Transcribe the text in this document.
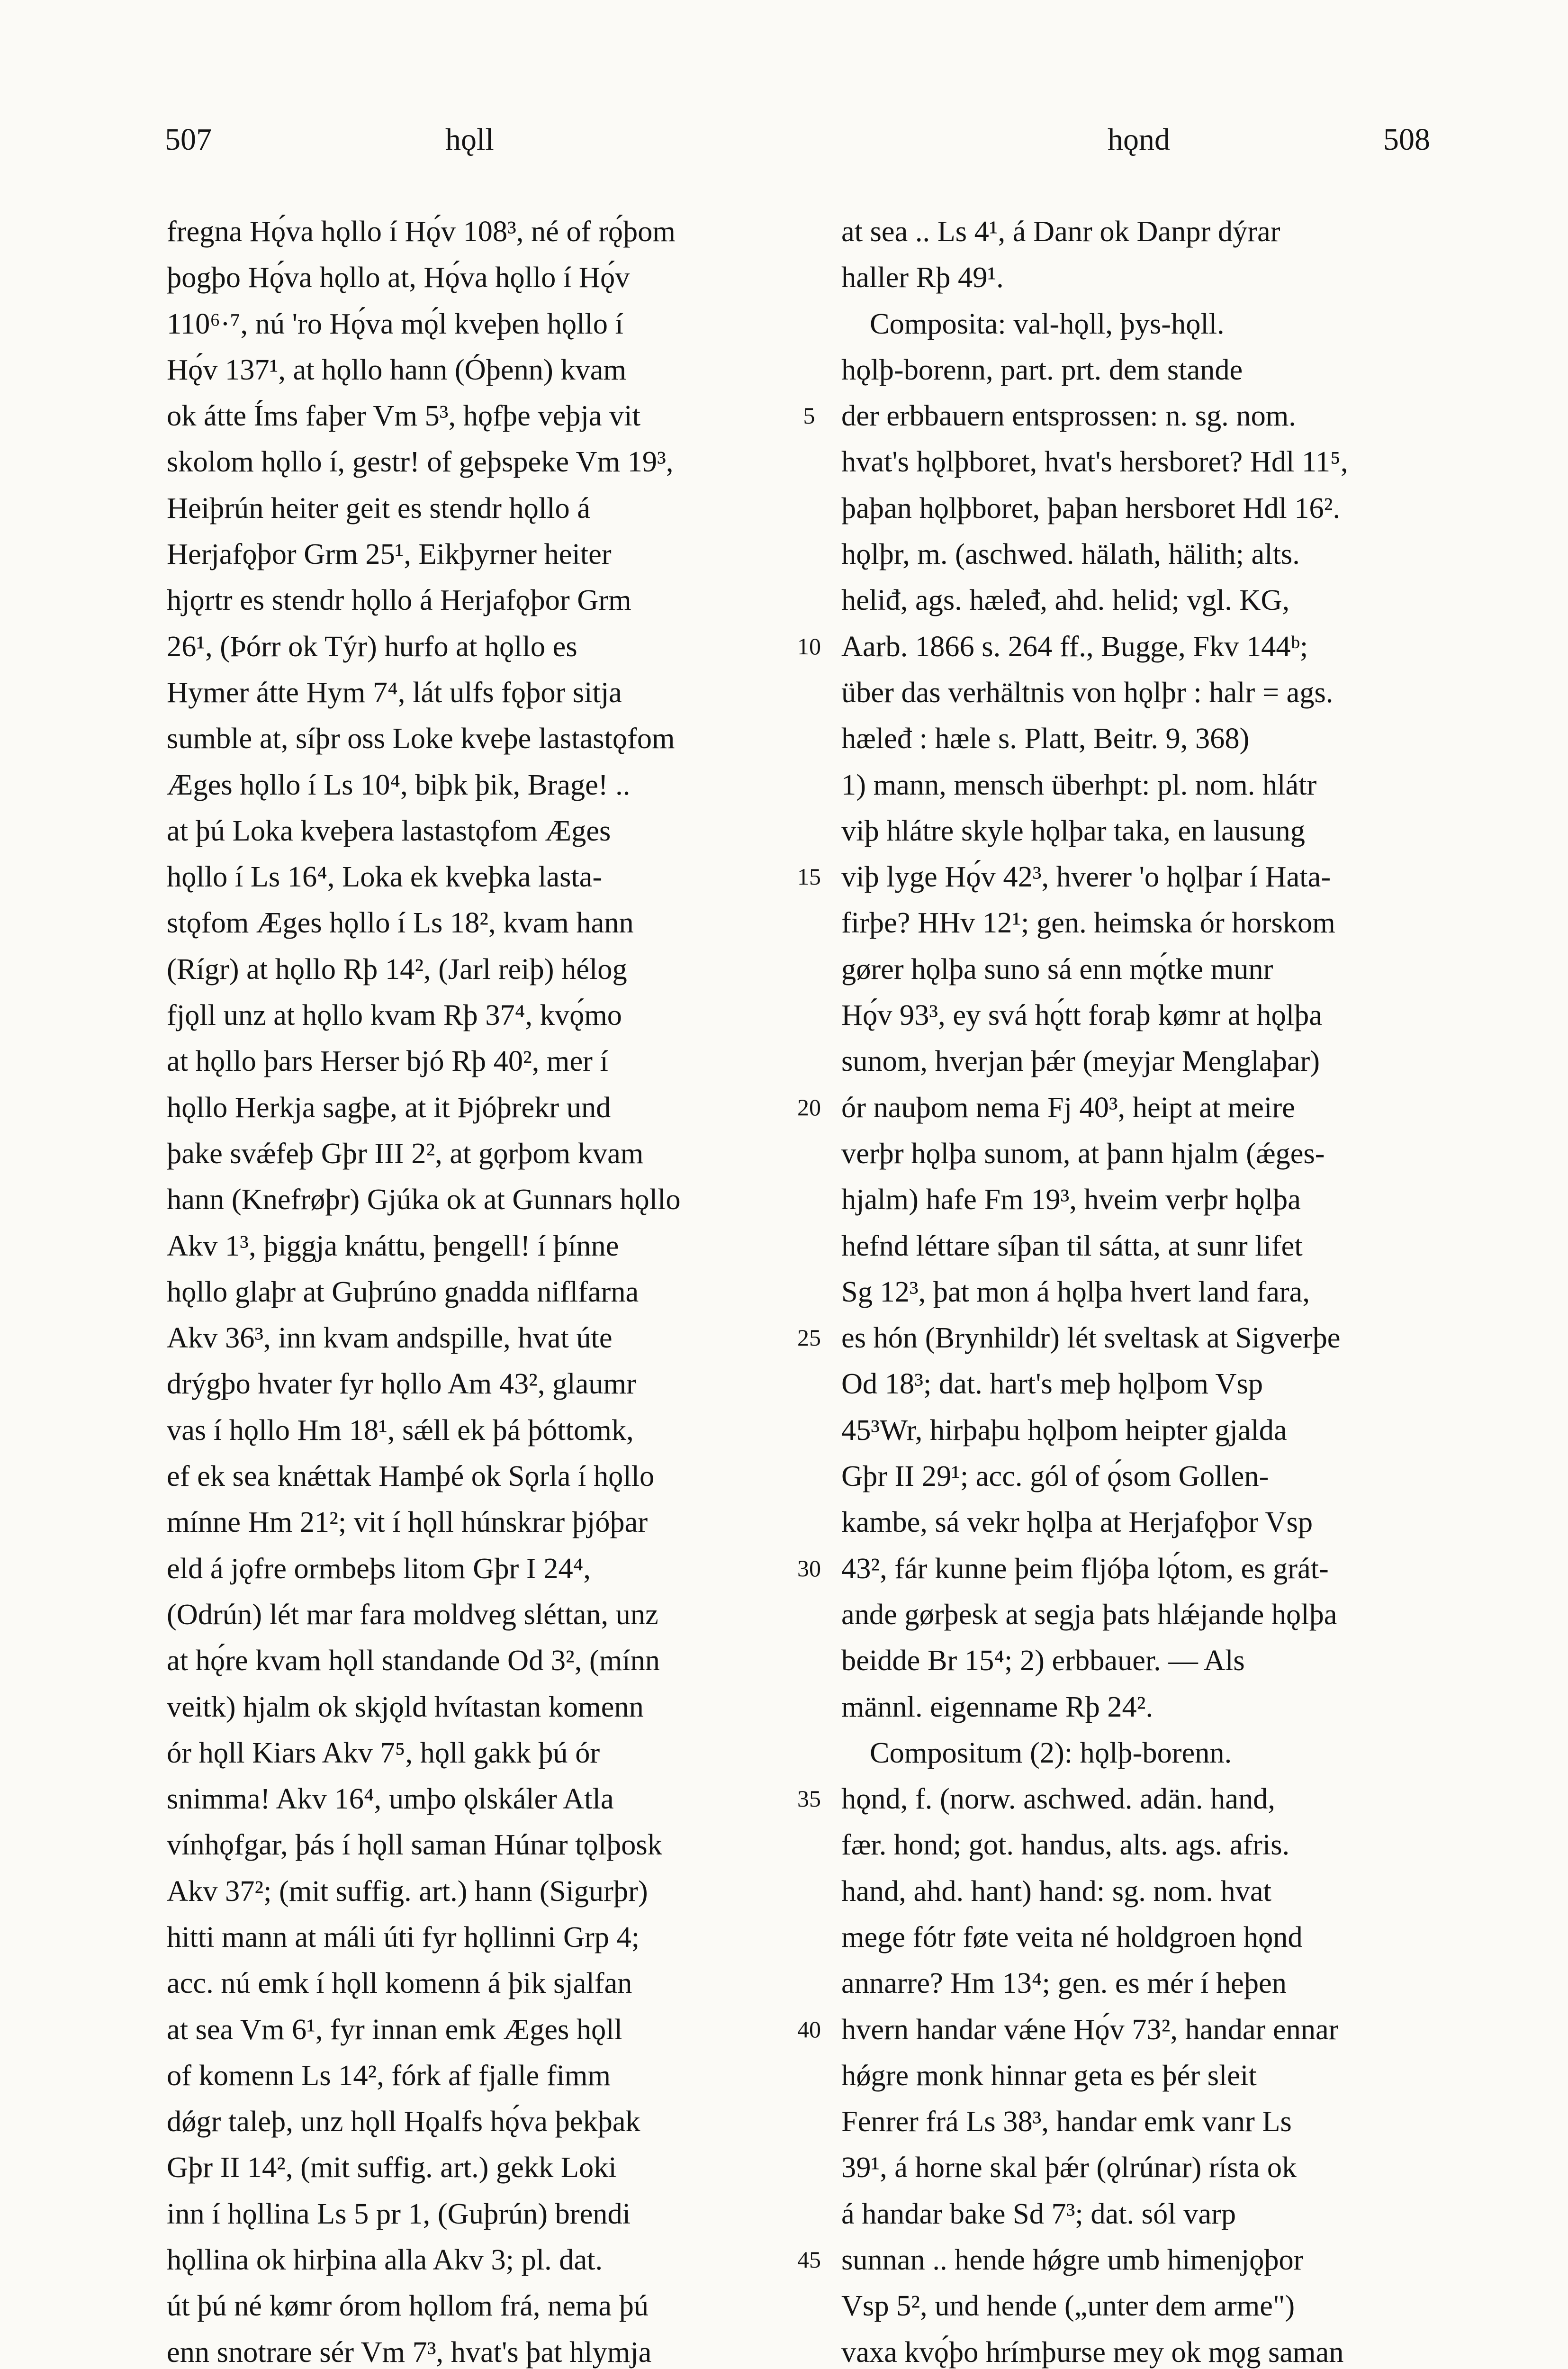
507	hǫll	hǫnd	508
fregna Hǫ́va hǫllo í Hǫ́v 108³, né of rǫ́þom
þogþo Hǫ́va hǫllo at, Hǫ́va hǫllo í Hǫ́v
110⁶·⁷, nú 'ro Hǫ́va mǫ́l kveþen hǫllo í
Hǫ́v 137¹, at hǫllo hann (Óþenn) kvam
ok átte Íms faþer Vm 5³, hǫfþe veþja vit
skolom hǫllo í, gestr! of geþspeke Vm 19³,
Heiþrún heiter geit es stendr hǫllo á
Herjafǫþor Grm 25¹, Eikþyrner heiter
hjǫrtr es stendr hǫllo á Herjafǫþor Grm
26¹, (Þórr ok Týr) hurfo at hǫllo es
Hymer átte Hym 7⁴, lát ulfs fǫþor sitja
sumble at, síþr oss Loke kveþe lastastǫfom
Æges hǫllo í Ls 10⁴, biþk þik, Brage! ..
at þú Loka kveþera lastastǫfom Æges
hǫllo í Ls 16⁴, Loka ek kveþka lasta-
stǫfom Æges hǫllo í Ls 18², kvam hann
(Rígr) at hǫllo Rþ 14², (Jarl reiþ) hélog
fjǫll unz at hǫllo kvam Rþ 37⁴, kvǫ́mo
at hǫllo þars Herser bjó Rþ 40², mer í
hǫllo Herkja sagþe, at it Þjóþrekr und
þake svǽfeþ Gþr III 2², at gǫrþom kvam
hann (Knefrøþr) Gjúka ok at Gunnars hǫllo
Akv 1³, þiggja knáttu, þengell! í þínne
hǫllo glaþr at Guþrúno gnadda niflfarna
Akv 36³, inn kvam andspille, hvat úte
drýgþo hvater fyr hǫllo Am 43², glaumr
vas í hǫllo Hm 18¹, sǽll ek þá þóttomk,
ef ek sea knǽttak Hamþé ok Sǫrla í hǫllo
mínne Hm 21²; vit í hǫll húnskrar þjóþar
eld á jǫfre ormbeþs litom Gþr I 24⁴,
(Odrún) lét mar fara moldveg sléttan, unz
at hǫ́re kvam hǫll standande Od 3², (mínn
veitk) hjalm ok skjǫld hvítastan komenn
ór hǫll Kiars Akv 7⁵, hǫll gakk þú ór
snimma! Akv 16⁴, umþo ǫlskáler Atla
vínhǫfgar, þás í hǫll saman Húnar tǫlþosk
Akv 37²; (mit suffig. art.) hann (Sigurþr)
hitti mann at máli úti fyr hǫllinni Grp 4;
acc. nú emk í hǫll komenn á þik sjalfan
at sea Vm 6¹, fyr innan emk Æges hǫll
of komenn Ls 14², fórk af fjalle fimm
dǿgr taleþ, unz hǫll Hǫalfs hǫ́va þekþak
Gþr II 14², (mit suffig. art.) gekk Loki
inn í hǫllina Ls 5 pr 1, (Guþrún) brendi
hǫllina ok hirþina alla Akv 3; pl. dat.
út þú né kømr órom hǫllom frá, nema þú
enn snotrare sér Vm 7³, hvat's þat hlymja
5
10
15
20
25
30
35
40
45
at sea .. Ls 4¹, á Danr ok Danpr dýrar
haller Rþ 49¹.
Composita: val-hǫll, þys-hǫll.
hǫlþ-borenn, part. prt. dem stande
der erbbauern entsprossen: n. sg. nom.
hvat's hǫlþboret, hvat's hersboret? Hdl 11⁵,
þaþan hǫlþboret, þaþan hersboret Hdl 16².
hǫlþr, m. (aschwed. hälath, hälith; alts.
heliđ, ags. hæleđ, ahd. helid; vgl. KG,
Aarb. 1866 s. 264 ff., Bugge, Fkv 144ᵇ;
über das verhältnis von hǫlþr : halr = ags.
hæleđ : hæle s. Platt, Beitr. 9, 368)
1) mann, mensch überhpt: pl. nom. hlátr
viþ hlátre skyle hǫlþar taka, en lausung
viþ lyge Hǫ́v 42³, hverer 'o hǫlþar í Hata-
firþe? HHv 12¹; gen. heimska ór horskom
gører hǫlþa suno sá enn mǫ́tke munr
Hǫ́v 93³, ey svá hǫ́tt foraþ kømr at hǫlþa
sunom, hverjan þǽr (meyjar Menglaþar)
ór nauþom nema Fj 40³, heipt at meire
verþr hǫlþa sunom, at þann hjalm (ǽges-
hjalm) hafe Fm 19³, hveim verþr hǫlþa
hefnd léttare síþan til sátta, at sunr lifet
Sg 12³, þat mon á hǫlþa hvert land fara,
es hón (Brynhildr) lét sveltask at Sigverþe
Od 18³; dat. hart's meþ hǫlþom Vsp
45³Wr, hirþaþu hǫlþom heipter gjalda
Gþr II 29¹; acc. gól of ǫ́som Gollen-
kambe, sá vekr hǫlþa at Herjafǫþor Vsp
43², fár kunne þeim fljóþa lǫ́tom, es grát-
ande gørþesk at segja þats hlǽjande hǫlþa
beidde Br 15⁴; 2) erbbauer. — Als
männl. eigenname Rþ 24².
Compositum (2): hǫlþ-borenn.
hǫnd, f. (norw. aschwed. adän. hand,
fær. hond; got. handus, alts. ags. afris.
hand, ahd. hant) hand: sg. nom. hvat
mege fótr føte veita né holdgroen hǫnd
annarre? Hm 13⁴; gen. es mér í heþen
hvern handar vǽne Hǫ́v 73², handar ennar
hǿgre monk hinnar geta es þér sleit
Fenrer frá Ls 38³, handar emk vanr Ls
39¹, á horne skal þǽr (ǫlrúnar) rísta ok
á handar bake Sd 7³; dat. sól varp
sunnan .. hende hǿgre umb himenjǫþor
Vsp 5², und hende („unter dem arme")
vaxa kvǫ́þo hrímþurse mey ok mǫg saman
